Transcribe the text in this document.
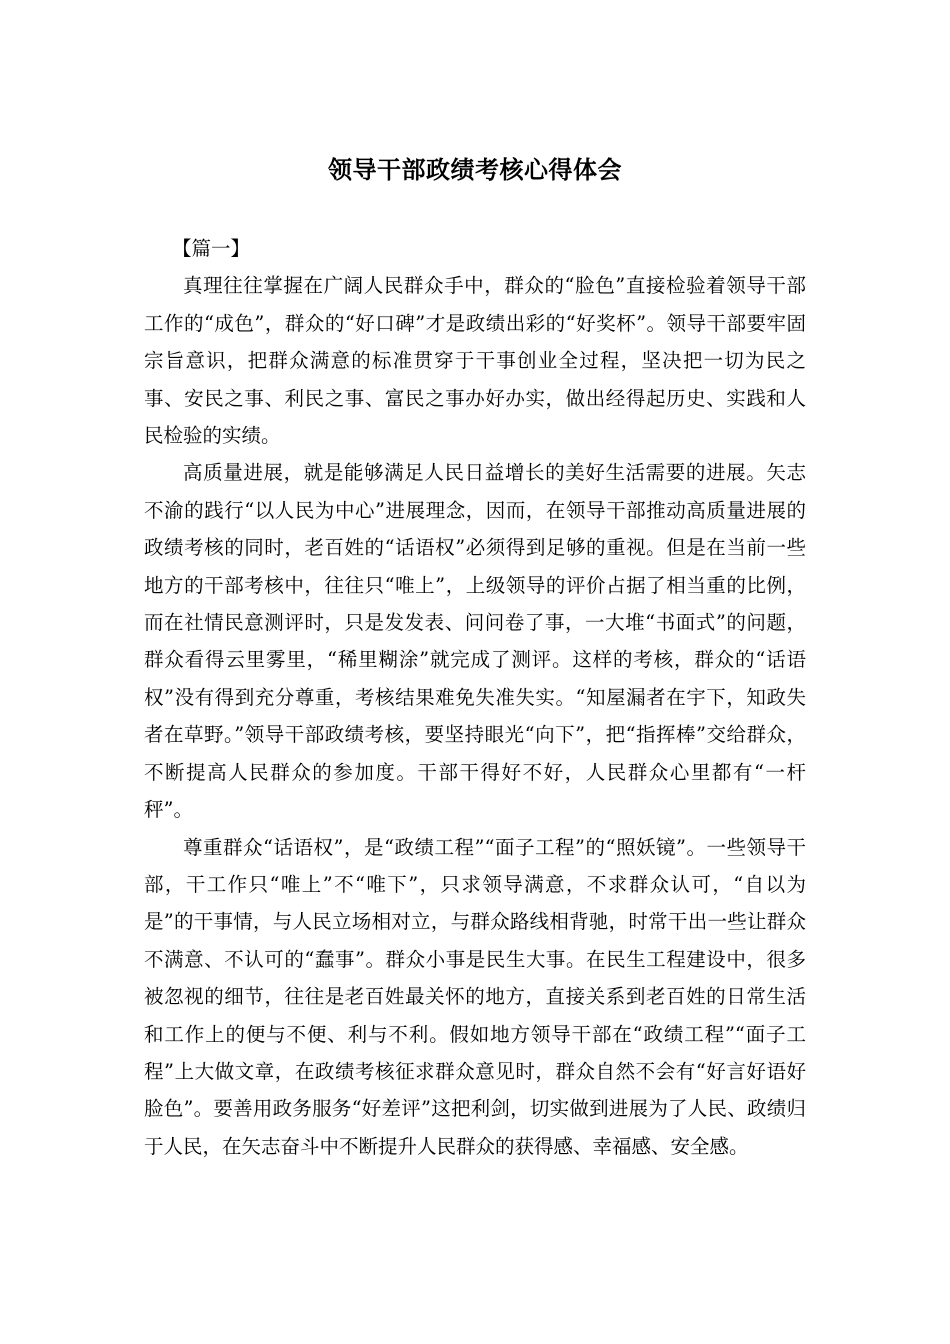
领导干部政绩考核心得体会

【篇一】

真理往往掌握在广阔人民群众手中，群众的“脸色”直接检验着领导干部工作的“成色”，群众的“好口碑”才是政绩出彩的“好奖杯”。领导干部要牢固宗旨意识，把群众满意的标准贯穿于干事创业全过程，坚决把一切为民之事、安民之事、利民之事、富民之事办好办实，做出经得起历史、实践和人民检验的实绩。

高质量进展，就是能够满足人民日益增长的美好生活需要的进展。矢志不渝的践行“以人民为中心”进展理念，因而，在领导干部推动高质量进展的政绩考核的同时，老百姓的“话语权”必须得到足够的重视。但是在当前一些地方的干部考核中，往往只“唯上”，上级领导的评价占据了相当重的比例，而在社情民意测评时，只是发发表、问问卷了事，一大堆“书面式”的问题，群众看得云里雾里，“稀里糊涂”就完成了测评。这样的考核，群众的“话语权”没有得到充分尊重，考核结果难免失准失实。“知屋漏者在宇下，知政失者在草野。”领导干部政绩考核，要坚持眼光“向下”，把“指挥棒”交给群众，不断提高人民群众的参加度。干部干得好不好，人民群众心里都有“一杆秤”。

尊重群众“话语权”，是“政绩工程”“面子工程”的“照妖镜”。一些领导干部，干工作只“唯上”不“唯下”，只求领导满意，不求群众认可，“自以为是”的干事情，与人民立场相对立，与群众路线相背驰，时常干出一些让群众不满意、不认可的“蠢事”。群众小事是民生大事。在民生工程建设中，很多被忽视的细节，往往是老百姓最关怀的地方，直接关系到老百姓的日常生活和工作上的便与不便、利与不利。假如地方领导干部在“政绩工程”“面子工程”上大做文章，在政绩考核征求群众意见时，群众自然不会有“好言好语好脸色”。要善用政务服务“好差评”这把利剑，切实做到进展为了人民、政绩归于人民，在矢志奋斗中不断提升人民群众的获得感、幸福感、安全感。
